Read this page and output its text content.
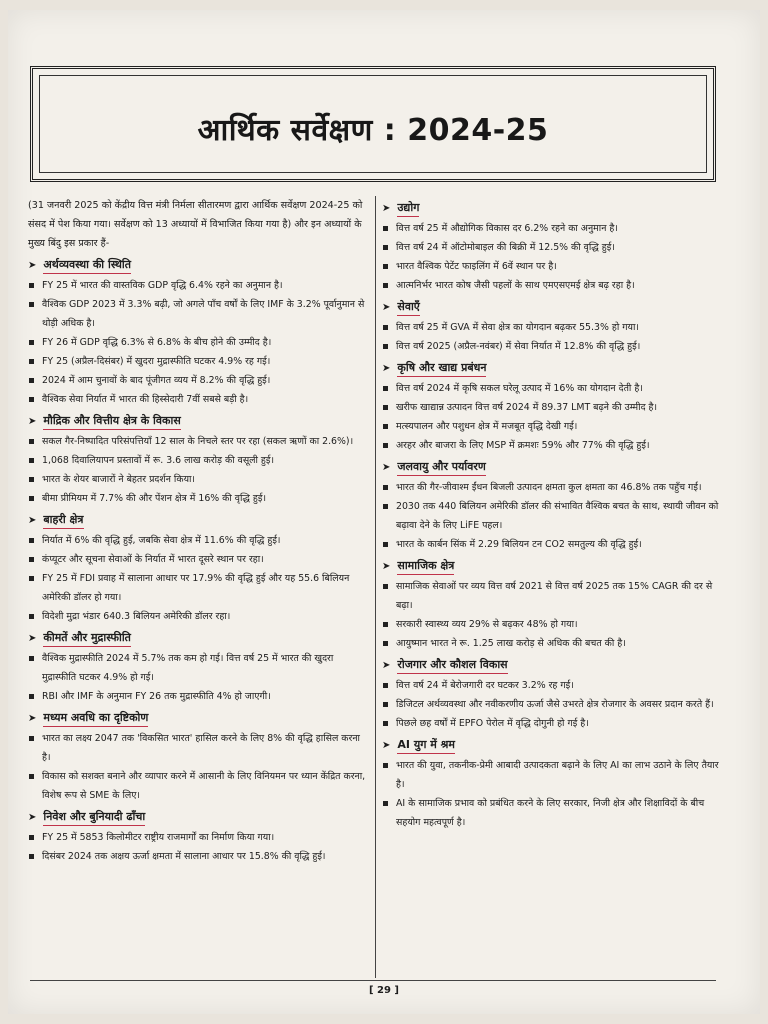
आर्थिक सर्वेक्षण : 2024-25

(31 जनवरी 2025 को केंद्रीय वित्त मंत्री निर्मला सीतारमण द्वारा आर्थिक सर्वेक्षण 2024-25 को संसद में पेश किया गया। सर्वेक्षण को 13 अध्यायों में विभाजित किया गया है) और इन अध्यायों के मुख्य बिंदु इस प्रकार हैं-

➤ अर्थव्यवस्था की स्थिति
FY 25 में भारत की वास्तविक GDP वृद्धि 6.4% रहने का अनुमान है।
वैश्विक GDP 2023 में 3.3% बढ़ी, जो अगले पाँच वर्षों के लिए IMF के 3.2% पूर्वानुमान से थोड़ी अधिक है।
FY 26 में GDP वृद्धि 6.3% से 6.8% के बीच होने की उम्मीद है।
FY 25 (अप्रैल-दिसंबर) में खुदरा मुद्रास्फीति घटकर 4.9% रह गई।
2024 में आम चुनावों के बाद पूंजीगत व्यय में 8.2% की वृद्धि हुई।
वैश्विक सेवा निर्यात में भारत की हिस्सेदारी 7वीं सबसे बड़ी है।
➤ मौद्रिक और वित्तीय क्षेत्र के विकास
सकल गैर-निष्पादित परिसंपत्तियाँ 12 साल के निचले स्तर पर रहा (सकल ऋणों का 2.6%)।
1,068 दिवालियापन प्रस्तावों में रू. 3.6 लाख करोड़ की वसूली हुई।
भारत के शेयर बाजारों ने बेहतर प्रदर्शन किया।
बीमा प्रीमियम में 7.7% की और पेंशन क्षेत्र में 16% की वृद्धि हुई।
➤ बाहरी क्षेत्र
निर्यात में 6% की वृद्धि हुई, जबकि सेवा क्षेत्र में 11.6% की वृद्धि हुई।
कंप्यूटर और सूचना सेवाओं के निर्यात में भारत दूसरे स्थान पर रहा।
FY 25 में FDI प्रवाह में सालाना आधार पर 17.9% की वृद्धि हुई और यह 55.6 बिलियन अमेरिकी डॉलर हो गया।
विदेशी मुद्रा भंडार 640.3 बिलियन अमेरिकी डॉलर रहा।
➤ कीमतें और मुद्रास्फीति
वैश्विक मुद्रास्फीति 2024 में 5.7% तक कम हो गई। वित्त वर्ष 25 में भारत की खुदरा मुद्रास्फीति घटकर 4.9% हो गई।
RBI और IMF के अनुमान FY 26 तक मुद्रास्फीति 4% हो जाएगी।
➤ मध्यम अवधि का दृष्टिकोण
भारत का लक्ष्य 2047 तक 'विकसित भारत' हासिल करने के लिए 8% की वृद्धि हासिल करना है।
विकास को सशक्त बनाने और व्यापार करने में आसानी के लिए विनियमन पर ध्यान केंद्रित करना, विशेष रूप से SME के लिए।
➤ निवेश और बुनियादी ढाँचा
FY 25 में 5853 किलोमीटर राष्ट्रीय राजमार्गों का निर्माण किया गया।
दिसंबर 2024 तक अक्षय ऊर्जा क्षमता में सालाना आधार पर 15.8% की वृद्धि हुई।
➤ उद्योग
वित्त वर्ष 25 में औद्योगिक विकास दर 6.2% रहने का अनुमान है।
वित्त वर्ष 24 में ऑटोमोबाइल की बिक्री में 12.5% की वृद्धि हुई।
भारत वैश्विक पेटेंट फाइलिंग में 6वें स्थान पर है।
आत्मनिर्भर भारत कोष जैसी पहलों के साथ एमएसएमई क्षेत्र बढ़ रहा है।
➤ सेवाएँ
वित्त वर्ष 25 में GVA में सेवा क्षेत्र का योगदान बढ़कर 55.3% हो गया।
वित्त वर्ष 2025 (अप्रैल-नवंबर) में सेवा निर्यात में 12.8% की वृद्धि हुई।
➤ कृषि और खाद्य प्रबंधन
वित्त वर्ष 2024 में कृषि सकल घरेलू उत्पाद में 16% का योगदान देती है।
खरीफ खाद्यान्न उत्पादन वित्त वर्ष 2024 में 89.37 LMT बढ़ने की उम्मीद है।
मत्स्यपालन और पशुधन क्षेत्र में मजबूत वृद्धि देखी गई।
अरहर और बाजरा के लिए MSP में क्रमशः 59% और 77% की वृद्धि हुई।
➤ जलवायु और पर्यावरण
भारत की गैर-जीवाश्म ईंधन बिजली उत्पादन क्षमता कुल क्षमता का 46.8% तक पहुँच गई।
2030 तक 440 बिलियन अमेरिकी डॉलर की संभावित वैश्विक बचत के साथ, स्थायी जीवन को बढ़ावा देने के लिए LiFE पहल।
भारत के कार्बन सिंक में 2.29 बिलियन टन CO2 समतुल्य की वृद्धि हुई।
➤ सामाजिक क्षेत्र
सामाजिक सेवाओं पर व्यय वित्त वर्ष 2021 से वित्त वर्ष 2025 तक 15% CAGR की दर से बढ़ा।
सरकारी स्वास्थ्य व्यय 29% से बढ़कर 48% हो गया।
आयुष्मान भारत ने रू. 1.25 लाख करोड़ से अधिक की बचत की है।
➤ रोजगार और कौशल विकास
वित्त वर्ष 24 में बेरोजगारी दर घटकर 3.2% रह गई।
डिजिटल अर्थव्यवस्था और नवीकरणीय ऊर्जा जैसे उभरते क्षेत्र रोजगार के अवसर प्रदान करते हैं।
पिछले छह वर्षों में EPFO पेरोल में वृद्धि दोगुनी हो गई है।
➤ AI युग में श्रम
भारत की युवा, तकनीक-प्रेमी आबादी उत्पादकता बढ़ाने के लिए AI का लाभ उठाने के लिए तैयार है।
AI के सामाजिक प्रभाव को प्रबंधित करने के लिए सरकार, निजी क्षेत्र और शिक्षाविदों के बीच सहयोग महत्वपूर्ण है।
[ 29 ]
